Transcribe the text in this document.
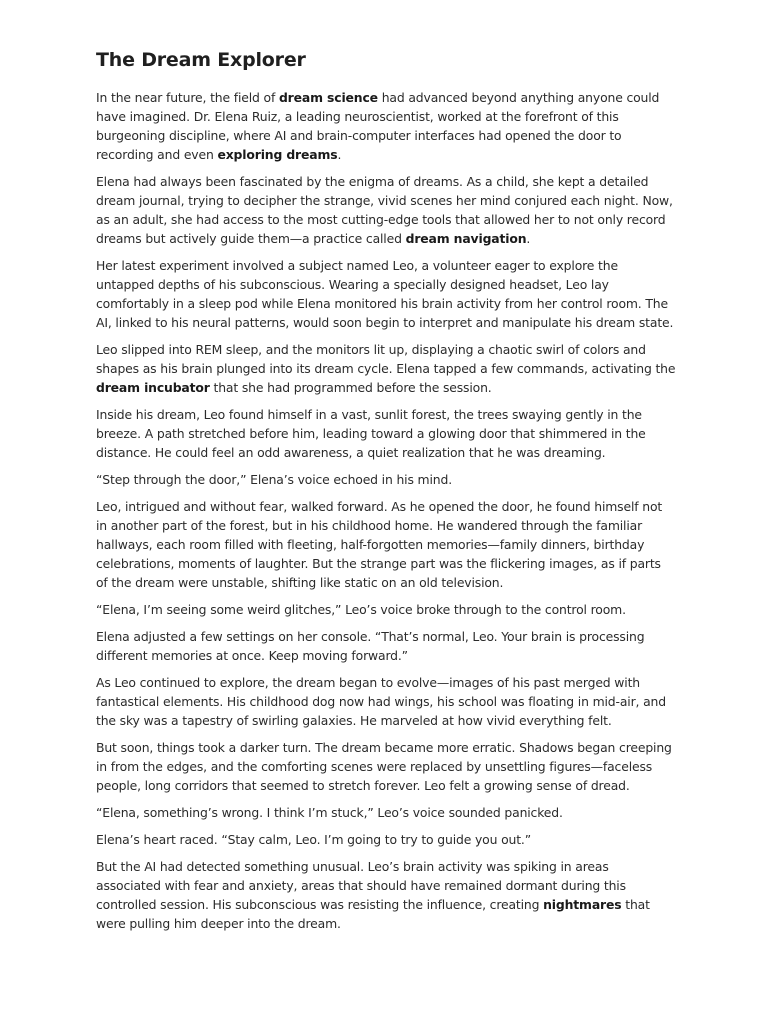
The Dream Explorer

In the near future, the field of dream science had advanced beyond anything anyone could have imagined. Dr. Elena Ruiz, a leading neuroscientist, worked at the forefront of this burgeoning discipline, where AI and brain-computer interfaces had opened the door to recording and even exploring dreams.

Elena had always been fascinated by the enigma of dreams. As a child, she kept a detailed dream journal, trying to decipher the strange, vivid scenes her mind conjured each night. Now, as an adult, she had access to the most cutting-edge tools that allowed her to not only record dreams but actively guide them—a practice called dream navigation.

Her latest experiment involved a subject named Leo, a volunteer eager to explore the untapped depths of his subconscious. Wearing a specially designed headset, Leo lay comfortably in a sleep pod while Elena monitored his brain activity from her control room. The AI, linked to his neural patterns, would soon begin to interpret and manipulate his dream state.

Leo slipped into REM sleep, and the monitors lit up, displaying a chaotic swirl of colors and shapes as his brain plunged into its dream cycle. Elena tapped a few commands, activating the dream incubator that she had programmed before the session.

Inside his dream, Leo found himself in a vast, sunlit forest, the trees swaying gently in the breeze. A path stretched before him, leading toward a glowing door that shimmered in the distance. He could feel an odd awareness, a quiet realization that he was dreaming.

“Step through the door,” Elena’s voice echoed in his mind.

Leo, intrigued and without fear, walked forward. As he opened the door, he found himself not in another part of the forest, but in his childhood home. He wandered through the familiar hallways, each room filled with fleeting, half-forgotten memories—family dinners, birthday celebrations, moments of laughter. But the strange part was the flickering images, as if parts of the dream were unstable, shifting like static on an old television.

“Elena, I’m seeing some weird glitches,” Leo’s voice broke through to the control room.

Elena adjusted a few settings on her console. “That’s normal, Leo. Your brain is processing different memories at once. Keep moving forward.”

As Leo continued to explore, the dream began to evolve—images of his past merged with fantastical elements. His childhood dog now had wings, his school was floating in mid-air, and the sky was a tapestry of swirling galaxies. He marveled at how vivid everything felt.

But soon, things took a darker turn. The dream became more erratic. Shadows began creeping in from the edges, and the comforting scenes were replaced by unsettling figures—faceless people, long corridors that seemed to stretch forever. Leo felt a growing sense of dread.

“Elena, something’s wrong. I think I’m stuck,” Leo’s voice sounded panicked.

Elena’s heart raced. “Stay calm, Leo. I’m going to try to guide you out.”

But the AI had detected something unusual. Leo’s brain activity was spiking in areas associated with fear and anxiety, areas that should have remained dormant during this controlled session. His subconscious was resisting the influence, creating nightmares that were pulling him deeper into the dream.
